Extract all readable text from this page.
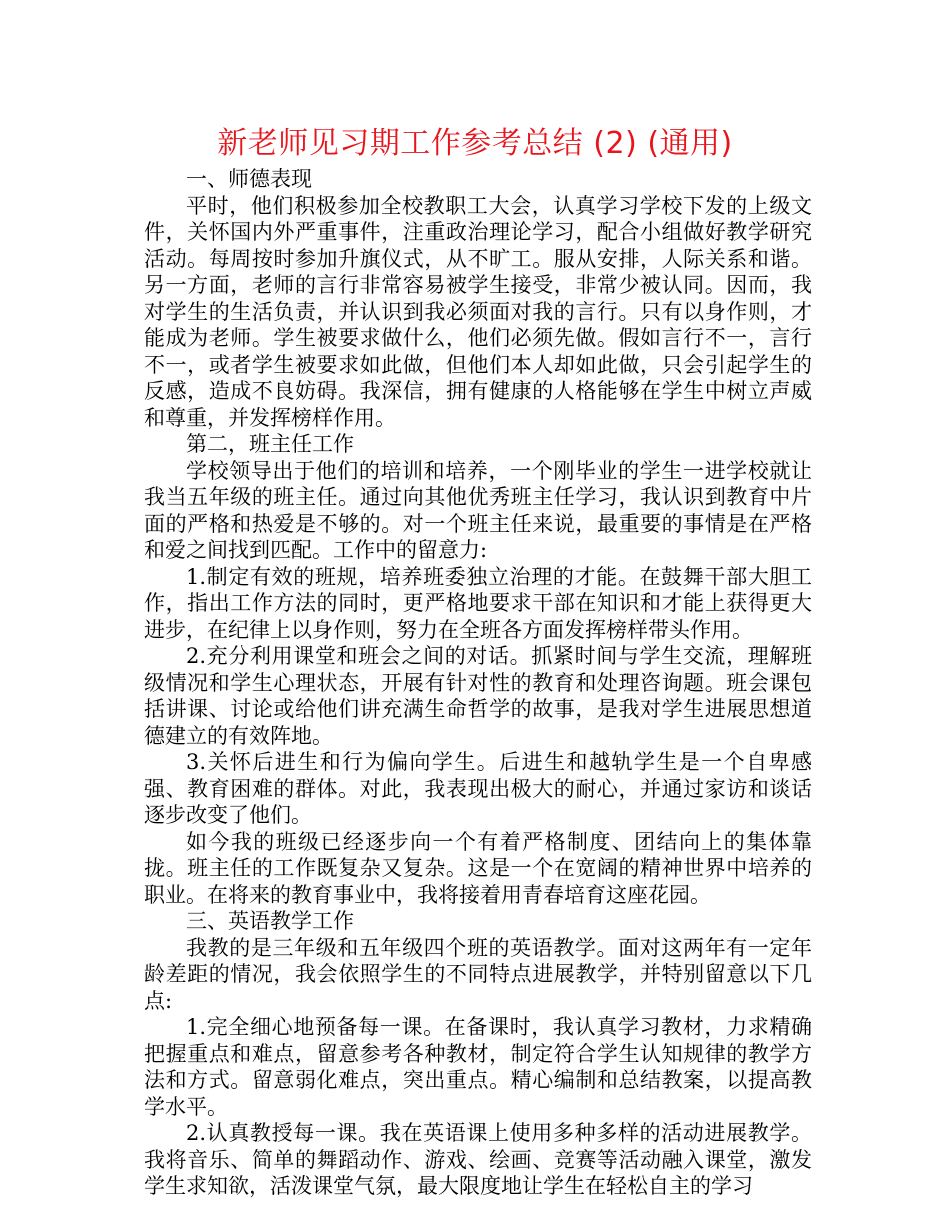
新老师见习期工作参考总结 (2) (通用)

一、师德表现

平时，他们积极参加全校教职工大会，认真学习学校下发的上级文件，关怀国内外严重事件，注重政治理论学习，配合小组做好教学研究活动。每周按时参加升旗仪式，从不旷工。服从安排，人际关系和谐。另一方面，老师的言行非常容易被学生接受，非常少被认同。因而，我对学生的生活负责，并认识到我必须面对我的言行。只有以身作则，才能成为老师。学生被要求做什么，他们必须先做。假如言行不一，言行不一，或者学生被要求如此做，但他们本人却如此做，只会引起学生的反感，造成不良妨碍。我深信，拥有健康的人格能够在学生中树立声威和尊重，并发挥榜样作用。

第二，班主任工作

学校领导出于他们的培训和培养，一个刚毕业的学生一进学校就让我当五年级的班主任。通过向其他优秀班主任学习，我认识到教育中片面的严格和热爱是不够的。对一个班主任来说，最重要的事情是在严格和爱之间找到匹配。工作中的留意力:

1.制定有效的班规，培养班委独立治理的才能。在鼓舞干部大胆工作，指出工作方法的同时，更严格地要求干部在知识和才能上获得更大进步，在纪律上以身作则，努力在全班各方面发挥榜样带头作用。

2.充分利用课堂和班会之间的对话。抓紧时间与学生交流，理解班级情况和学生心理状态，开展有针对性的教育和处理咨询题。班会课包括讲课、讨论或给他们讲充满生命哲学的故事，是我对学生进展思想道德建立的有效阵地。

3.关怀后进生和行为偏向学生。后进生和越轨学生是一个自卑感强、教育困难的群体。对此，我表现出极大的耐心，并通过家访和谈话逐步改变了他们。

如今我的班级已经逐步向一个有着严格制度、团结向上的集体靠拢。班主任的工作既复杂又复杂。这是一个在宽阔的精神世界中培养的职业。在将来的教育事业中，我将接着用青春培育这座花园。

三、英语教学工作

我教的是三年级和五年级四个班的英语教学。面对这两年有一定年龄差距的情况，我会依照学生的不同特点进展教学，并特别留意以下几点:

1.完全细心地预备每一课。在备课时，我认真学习教材，力求精确把握重点和难点，留意参考各种教材，制定符合学生认知规律的教学方法和方式。留意弱化难点，突出重点。精心编制和总结教案，以提高教学水平。

2.认真教授每一课。我在英语课上使用多种多样的活动进展教学。我将音乐、简单的舞蹈动作、游戏、绘画、竞赛等活动融入课堂，激发学生求知欲，活泼课堂气氛，最大限度地让学生在轻松自主的学习
